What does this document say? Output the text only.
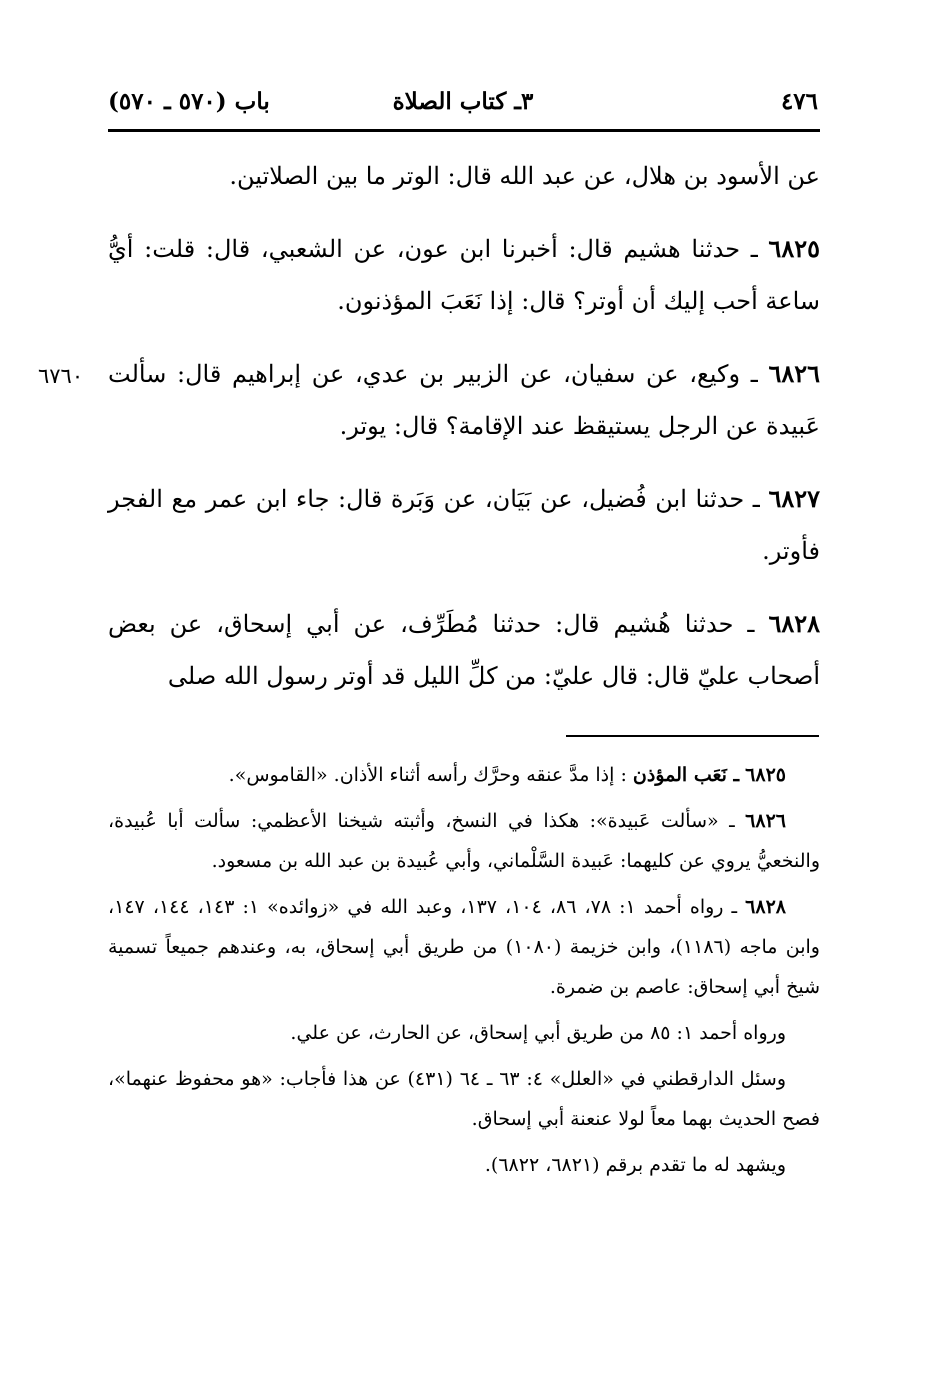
٤٧٦
٣ـ كتاب الصلاة
باب (٥٧٠ ـ ٥٧٠)
٦٧٦٠

عن الأسود بن هلال، عن عبد الله قال: الوتر ما بين الصلاتين.

٦٨٢٥ ـ حدثنا هشيم قال: أخبرنا ابن عون، عن الشعبي، قال: قلت: أيُّ ساعة أحب إليك أن أوتر؟ قال: إذا نَعَبَ المؤذنون.

٦٨٢٦ ـ وكيع، عن سفيان، عن الزبير بن عدي، عن إبراهيم قال: سألت عَبيدة عن الرجل يستيقظ عند الإقامة؟ قال: يوتر.

٦٨٢٧ ـ حدثنا ابن فُضيل، عن بَيَان، عن وَبَرة قال: جاء ابن عمر مع الفجر فأوتر.

٦٨٢٨ ـ حدثنا هُشيم قال: حدثنا مُطَرِّف، عن أبي إسحاق، عن بعض أصحاب عليّ قال: قال عليّ: من كلِّ الليل قد أوتر رسول الله صلى

٦٨٢٥ ـ نَعَب المؤذن : إذا مدَّ عنقه وحرَّك رأسه أثناء الأذان. «القاموس».

٦٨٢٦ ـ «سألت عَبيدة»: هكذا في النسخ، وأثبته شيخنا الأعظمي: سألت أبا عُبيدة، والنخعيُّ يروي عن كليهما: عَبيدة السَّلْماني، وأبي عُبيدة بن عبد الله بن مسعود.

٦٨٢٨ ـ رواه أحمد ١: ٧٨، ٨٦، ١٠٤، ١٣٧، وعبد الله في «زوائده» ١: ١٤٣، ١٤٤، ١٤٧، وابن ماجه (١١٨٦)، وابن خزيمة (١٠٨٠) من طريق أبي إسحاق، به، وعندهم جميعاً تسمية شيخ أبي إسحاق: عاصم بن ضمرة.

ورواه أحمد ١: ٨٥ من طريق أبي إسحاق، عن الحارث، عن علي.

وسئل الدارقطني في «العلل» ٤: ٦٣ ـ ٦٤ (٤٣١) عن هذا فأجاب: «هو محفوظ عنهما»، فصح الحديث بهما معاً لولا عنعنة أبي إسحاق.

ويشهد له ما تقدم برقم (٦٨٢١، ٦٨٢٢).
